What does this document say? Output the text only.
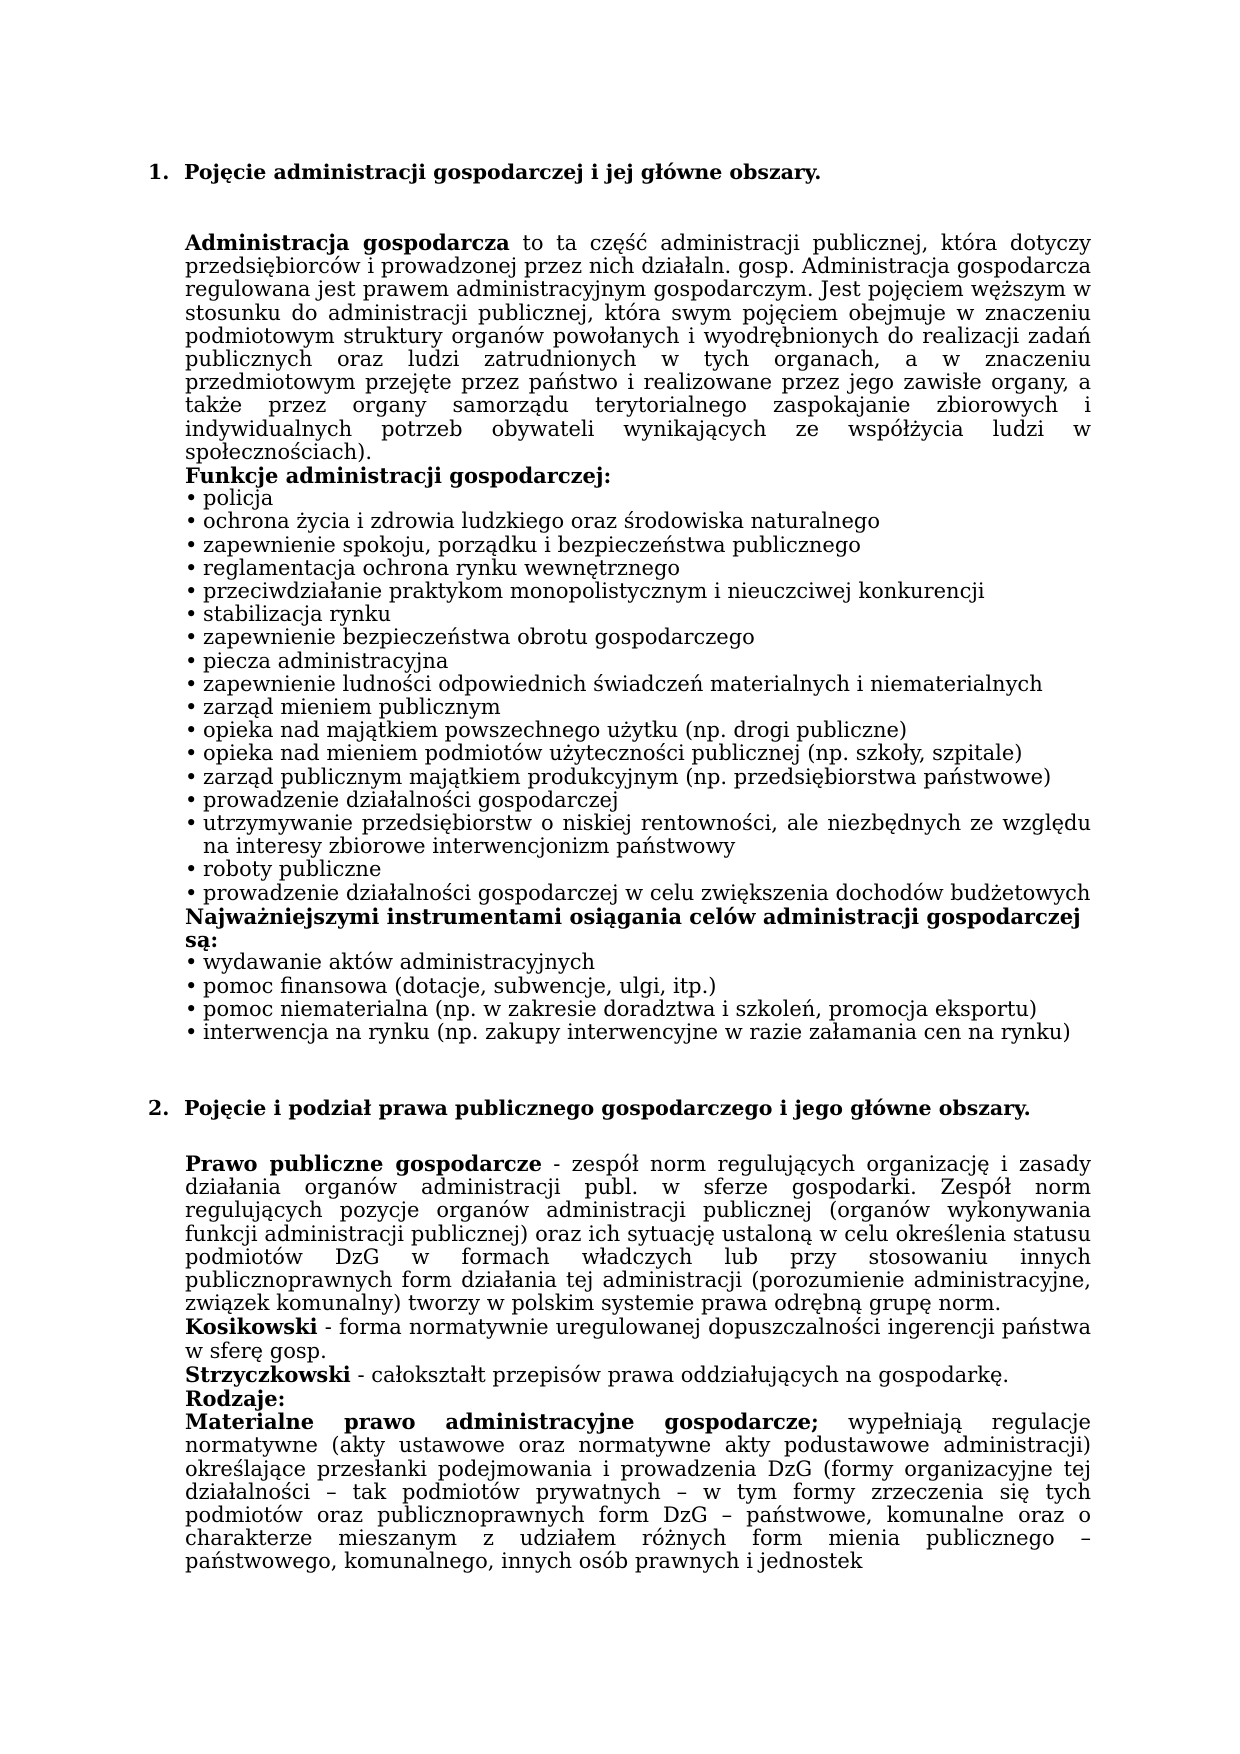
1. Pojęcie administracji gospodarczej i jej główne obszary.

Administracja gospodarcza to ta część administracji publicznej, która dotyczy przedsiębiorców i prowadzonej przez nich działaln. gosp. Administracja gospodarcza regulowana jest prawem administracyjnym gospodarczym. Jest pojęciem węższym w stosunku do administracji publicznej, która swym pojęciem obejmuje w znaczeniu podmiotowym struktury organów powołanych i wyodrębnionych do realizacji zadań publicznych oraz ludzi zatrudnionych w tych organach, a w znaczeniu przedmiotowym przejęte przez państwo i realizowane przez jego zawisłe organy, a także przez organy samorządu terytorialnego zaspokajanie zbiorowych i indywidualnych potrzeb obywateli wynikających ze współżycia ludzi w społecznościach).

Funkcje administracji gospodarczej:

• policja
• ochrona życia i zdrowia ludzkiego oraz środowiska naturalnego
• zapewnienie spokoju, porządku i bezpieczeństwa publicznego
• reglamentacja ochrona rynku wewnętrznego
• przeciwdziałanie praktykom monopolistycznym i nieuczciwej konkurencji
• stabilizacja rynku
• zapewnienie bezpieczeństwa obrotu gospodarczego
• piecza administracyjna
• zapewnienie ludności odpowiednich świadczeń materialnych i niematerialnych
• zarząd mieniem publicznym
• opieka nad majątkiem powszechnego użytku (np. drogi publiczne)
• opieka nad mieniem podmiotów użyteczności publicznej (np. szkoły, szpitale)
• zarząd publicznym majątkiem produkcyjnym (np. przedsiębiorstwa państwowe)
• prowadzenie działalności gospodarczej
• utrzymywanie przedsiębiorstw o niskiej rentowności, ale niezbędnych ze względu na interesy zbiorowe interwencjonizm państwowy
• roboty publiczne
• prowadzenie działalności gospodarczej w celu zwiększenia dochodów budżetowych

Najważniejszymi instrumentami osiągania celów administracji gospodarczej są:

• wydawanie aktów administracyjnych
• pomoc finansowa (dotacje, subwencje, ulgi, itp.)
• pomoc niematerialna (np. w zakresie doradztwa i szkoleń, promocja eksportu)
• interwencja na rynku (np. zakupy interwencyjne w razie załamania cen na rynku)
2. Pojęcie i podział prawa publicznego gospodarczego i jego główne obszary.

Prawo publiczne gospodarcze - zespół norm regulujących organizację i zasady działania organów administracji publ. w sferze gospodarki. Zespół norm regulujących pozycje organów administracji publicznej (organów wykonywania funkcji administracji publicznej) oraz ich sytuację ustaloną w celu określenia statusu podmiotów DzG w formach władczych lub przy stosowaniu innych publicznoprawnych form działania tej administracji (porozumienie administracyjne, związek komunalny) tworzy w polskim systemie prawa odrębną grupę norm.

Kosikowski - forma normatywnie uregulowanej dopuszczalności ingerencji państwa w sferę gosp.

Strzyczkowski - całokształt przepisów prawa oddziałujących na gospodarkę.

Rodzaje:

Materialne prawo administracyjne gospodarcze; wypełniają regulacje normatywne (akty ustawowe oraz normatywne akty podustawowe administracji) określające przesłanki podejmowania i prowadzenia DzG (formy organizacyjne tej działalności – tak podmiotów prywatnych – w tym formy zrzeczenia się tych podmiotów oraz publicznoprawnych form DzG – państwowe, komunalne oraz o charakterze mieszanym z udziałem różnych form mienia publicznego – państwowego, komunalnego, innych osób prawnych i jednostek
